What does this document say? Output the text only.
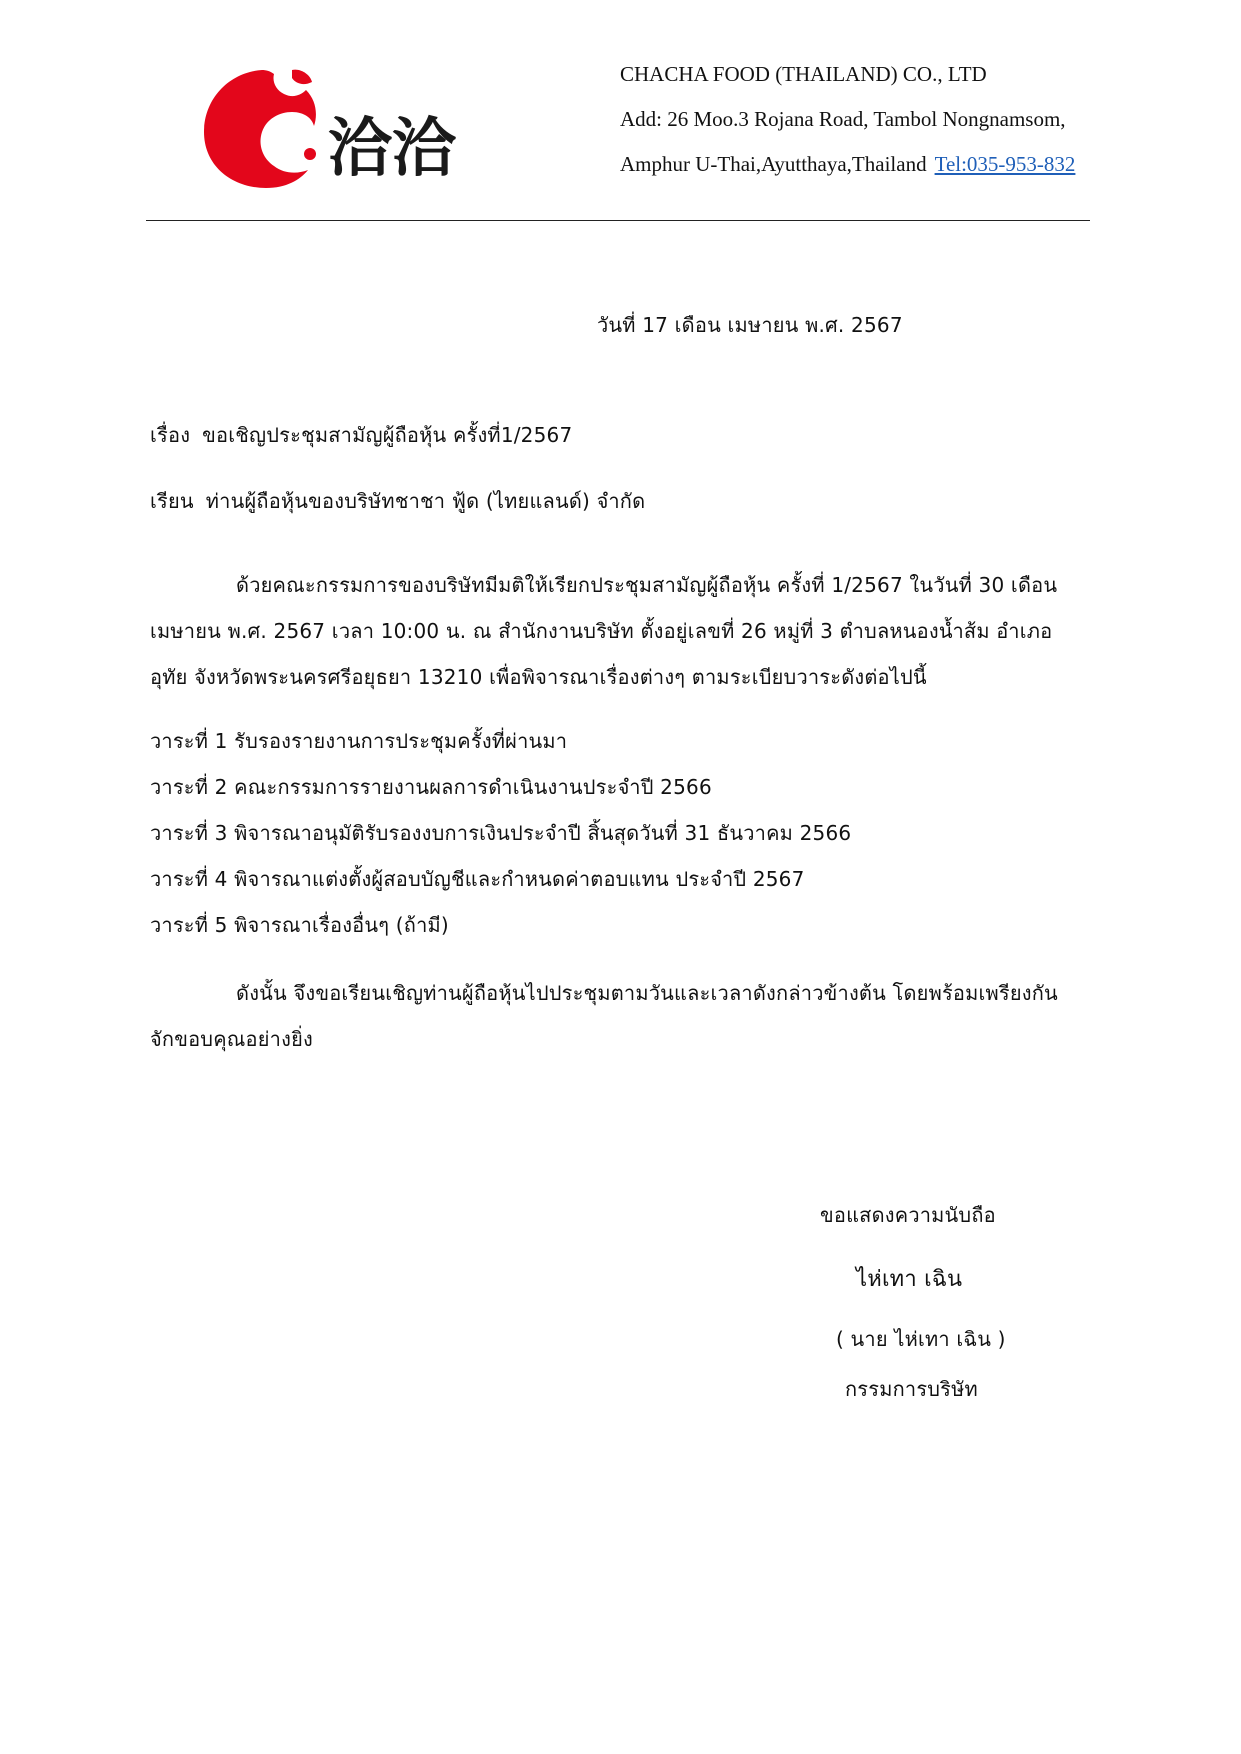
洽洽
CHACHA FOOD (THAILAND) CO., LTD
Add: 26 Moo.3 Rojana Road, Tambol Nongnamsom,
Amphur U-Thai,Ayutthaya,Thailand Tel:035-953-832
วันที่ 17 เดือน เมษายน พ.ศ. 2567
เรื่อง ขอเชิญประชุมสามัญผู้ถือหุ้น ครั้งที่1/2567
เรียน ท่านผู้ถือหุ้นของบริษัทชาชา ฟู้ด (ไทยแลนด์) จำกัด
ด้วยคณะกรรมการของบริษัทมีมติให้เรียกประชุมสามัญผู้ถือหุ้น ครั้งที่ 1/2567 ในวันที่ 30 เดือน
เมษายน พ.ศ. 2567 เวลา 10:00 น. ณ สำนักงานบริษัท ตั้งอยู่เลขที่ 26 หมู่ที่ 3 ตำบลหนองน้ำส้ม อำเภอ
อุทัย จังหวัดพระนครศรีอยุธยา 13210 เพื่อพิจารณาเรื่องต่างๆ ตามระเบียบวาระดังต่อไปนี้
วาระที่ 1 รับรองรายงานการประชุมครั้งที่ผ่านมา
วาระที่ 2 คณะกรรมการรายงานผลการดำเนินงานประจำปี 2566
วาระที่ 3 พิจารณาอนุมัติรับรองงบการเงินประจำปี สิ้นสุดวันที่ 31 ธันวาคม 2566
วาระที่ 4 พิจารณาแต่งตั้งผู้สอบบัญชีและกำหนดค่าตอบแทน ประจำปี 2567
วาระที่ 5 พิจารณาเรื่องอื่นๆ (ถ้ามี)
ดังนั้น จึงขอเรียนเชิญท่านผู้ถือหุ้นไปประชุมตามวันและเวลาดังกล่าวข้างต้น โดยพร้อมเพรียงกัน
จักขอบคุณอย่างยิ่ง
ขอแสดงความนับถือ
ไห่เทา เฉิน
( นาย ไห่เทา เฉิน )
กรรมการบริษัท
